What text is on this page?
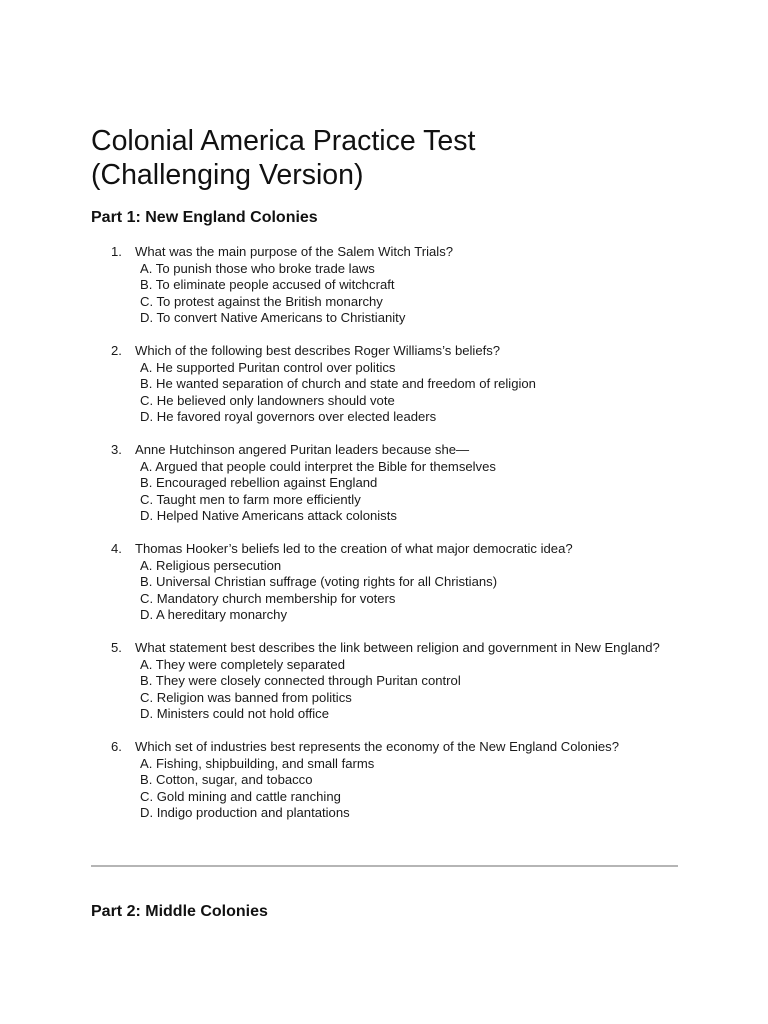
Colonial America Practice Test
(Challenging Version)
Part 1: New England Colonies
1. What was the main purpose of the Salem Witch Trials?
A. To punish those who broke trade laws
B. To eliminate people accused of witchcraft
C. To protest against the British monarchy
D. To convert Native Americans to Christianity
2. Which of the following best describes Roger Williams’s beliefs?
A. He supported Puritan control over politics
B. He wanted separation of church and state and freedom of religion
C. He believed only landowners should vote
D. He favored royal governors over elected leaders
3. Anne Hutchinson angered Puritan leaders because she—
A. Argued that people could interpret the Bible for themselves
B. Encouraged rebellion against England
C. Taught men to farm more efficiently
D. Helped Native Americans attack colonists
4. Thomas Hooker’s beliefs led to the creation of what major democratic idea?
A. Religious persecution
B. Universal Christian suffrage (voting rights for all Christians)
C. Mandatory church membership for voters
D. A hereditary monarchy
5. What statement best describes the link between religion and government in New England?
A. They were completely separated
B. They were closely connected through Puritan control
C. Religion was banned from politics
D. Ministers could not hold office
6. Which set of industries best represents the economy of the New England Colonies?
A. Fishing, shipbuilding, and small farms
B. Cotton, sugar, and tobacco
C. Gold mining and cattle ranching
D. Indigo production and plantations
Part 2: Middle Colonies
